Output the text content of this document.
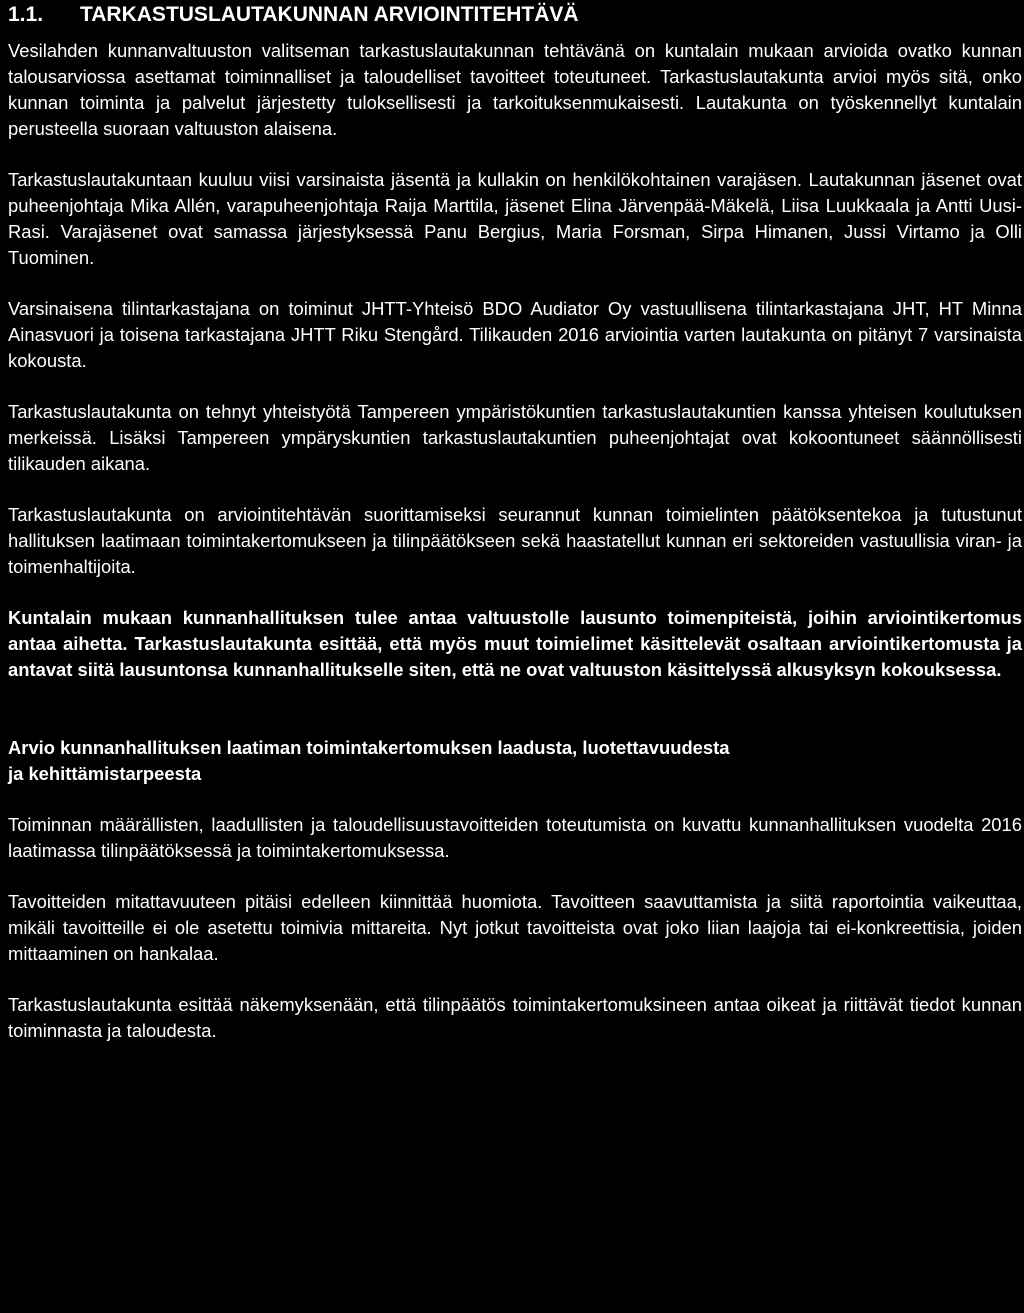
1.1. TARKASTUSLAUTAKUNNAN ARVIOINTITEHTÄVÄ

Vesilahden kunnanvaltuuston valitseman tarkastuslautakunnan tehtävänä on kuntalain mukaan arvioida ovatko kunnan talousarviossa asettamat toiminnalliset ja taloudelliset tavoitteet toteutuneet. Tarkastuslautakunta arvioi myös sitä, onko kunnan toiminta ja palvelut järjestetty tuloksellisesti ja tarkoituksenmukaisesti. Lautakunta on työskennellyt kuntalain perusteella suoraan valtuuston alaisena.

Tarkastuslautakuntaan kuuluu viisi varsinaista jäsentä ja kullakin on henkilökohtainen varajäsen. Lautakunnan jäsenet ovat puheenjohtaja Mika Allén, varapuheenjohtaja Raija Marttila, jäsenet Elina Järvenpää-Mäkelä, Liisa Luukkaala ja Antti Uusi-Rasi. Varajäsenet ovat samassa järjestyksessä Panu Bergius, Maria Forsman, Sirpa Himanen, Jussi Virtamo ja Olli Tuominen.

Varsinaisena tilintarkastajana on toiminut JHTT-Yhteisö BDO Audiator Oy vastuullisena tilintarkastajana JHT, HT Minna Ainasvuori ja toisena tarkastajana JHTT Riku Stengård. Tilikauden 2016 arviointia varten lautakunta on pitänyt 7 varsinaista kokousta.

Tarkastuslautakunta on tehnyt yhteistyötä Tampereen ympäristökuntien tarkastuslautakuntien kanssa yhteisen koulutuksen merkeissä. Lisäksi Tampereen ympäryskuntien tarkastuslautakuntien puheenjohtajat ovat kokoontuneet säännöllisesti tilikauden aikana.

Tarkastuslautakunta on arviointitehtävän suorittamiseksi seurannut kunnan toimielinten päätöksentekoa ja tutustunut hallituksen laatimaan toimintakertomukseen ja tilinpäätökseen sekä haastatellut kunnan eri sektoreiden vastuullisia viran- ja toimenhaltijoita.

Kuntalain mukaan kunnanhallituksen tulee antaa valtuustolle lausunto toimenpiteistä, joihin arviointikertomus antaa aihetta. Tarkastuslautakunta esittää, että myös muut toimielimet käsittelevät osaltaan arviointikertomusta ja antavat siitä lausuntonsa kunnanhallitukselle siten, että ne ovat valtuuston käsittelyssä alkusyksyn kokouksessa.

Arvio kunnanhallituksen laatiman toimintakertomuksen laadusta, luotettavuudesta
ja kehittämistarpeesta

Toiminnan määrällisten, laadullisten ja taloudellisuustavoitteiden toteutumista on kuvattu kunnanhallituksen vuodelta 2016 laatimassa tilinpäätöksessä ja toimintakertomuksessa.

Tavoitteiden mitattavuuteen pitäisi edelleen kiinnittää huomiota. Tavoitteen saavuttamista ja siitä raportointia vaikeuttaa, mikäli tavoitteille ei ole asetettu toimivia mittareita. Nyt jotkut tavoitteista ovat joko liian laajoja tai ei-konkreettisia, joiden mittaaminen on hankalaa.

Tarkastuslautakunta esittää näkemyksenään, että tilinpäätös toimintakertomuksineen antaa oikeat ja riittävät tiedot kunnan toiminnasta ja taloudesta.
